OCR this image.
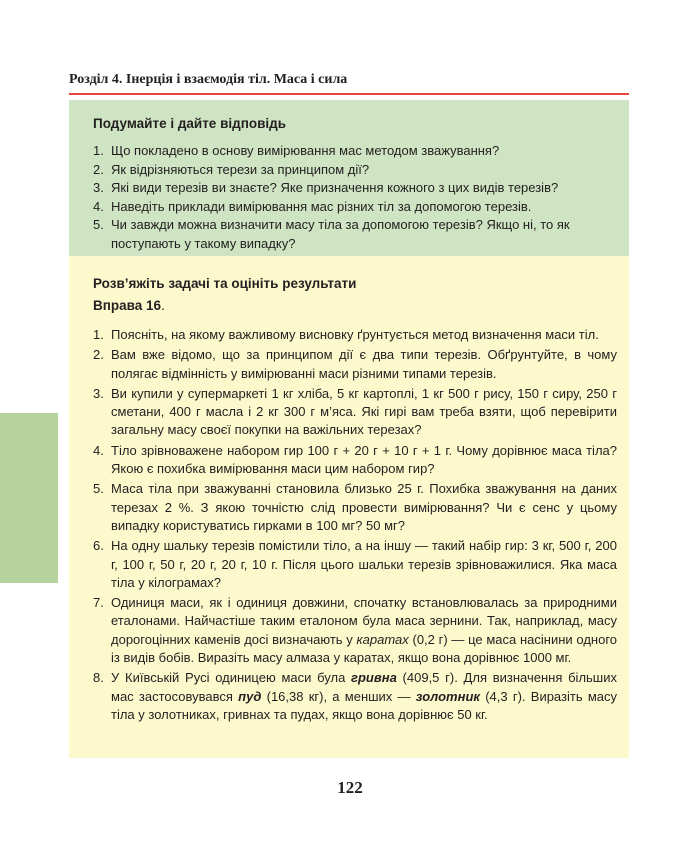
Розділ 4. Інерція і взаємодія тіл. Маса і сила
Подумайте і дайте відповідь
1. Що покладено в основу вимірювання мас методом зважування?
2. Як відрізняються терези за принципом дії?
3. Які види терезів ви знаєте? Яке призначення кожного з цих видів терезів?
4. Наведіть приклади вимірювання мас різних тіл за допомогою терезів.
5. Чи завжди можна визначити масу тіла за допомогою терезів? Якщо ні, то як поступають у такому випадку?
Розв’яжіть задачі та оцініть результати
Вправа 16.
1. Поясніть, на якому важливому висновку ґрунтується метод визначення маси тіл.
2. Вам вже відомо, що за принципом дії є два типи терезів. Обґрунтуйте, в чому полягає відмінність у вимірюванні маси різними типами терезів.
3. Ви купили у супермаркеті 1 кг хліба, 5 кг картоплі, 1 кг 500 г рису, 150 г сиру, 250 г сметани, 400 г масла і 2 кг 300 г м’яса. Які гирі вам треба взяти, щоб перевірити загальну масу своєї покупки на важільних терезах?
4. Тіло зрівноважене набором гир 100 г + 20 г + 10 г + 1 г. Чому дорівнює маса тіла? Якою є похибка вимірювання маси цим набором гир?
5. Маса тіла при зважуванні становила близько 25 г. Похибка зважування на даних терезах 2 %. З якою точністю слід провести вимірювання? Чи є сенс у цьому випадку користуватись гирками в 100 мг? 50 мг?
6. На одну шальку терезів помістили тіло, а на іншу — такий набір гир: 3 кг, 500 г, 200 г, 100 г, 50 г, 20 г, 20 г, 10 г. Після цього шальки терезів зрівноважилися. Яка маса тіла у кілограмах?
7. Одиниця маси, як і одиниця довжини, спочатку встановлювалась за природними еталонами. Найчастіше таким еталоном була маса зернини. Так, наприклад, масу дорогоцінних каменів досі визначають у каратах (0,2 г) — це маса насінини одного із видів бобів. Виразіть масу алмаза у каратах, якщо вона дорівнює 1000 мг.
8. У Київській Русі одиницею маси була гривна (409,5 г). Для визначення більших мас застосовувався пуд (16,38 кг), а менших — золотник (4,3 г). Виразіть масу тіла у золотниках, гривнах та пудах, якщо вона дорівнює 50 кг.
122
